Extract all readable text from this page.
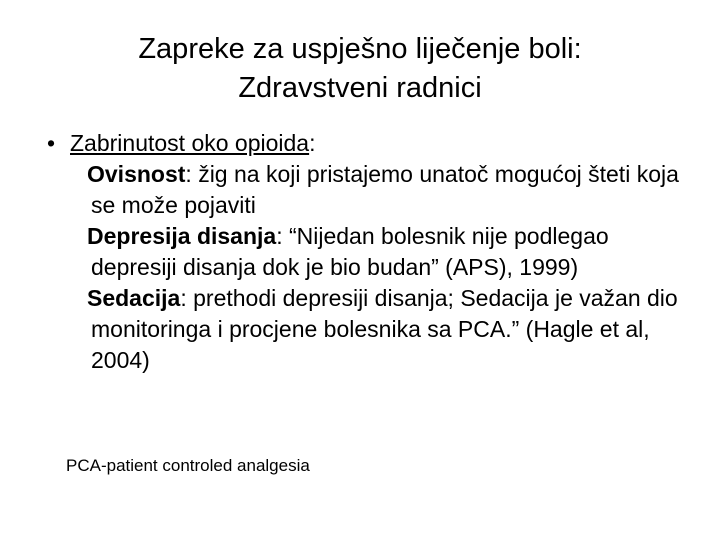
Zapreke za uspješno liječenje boli:
Zdravstveni radnici
• Zabrinutost oko opioida:
Ovisnost: žig na koji pristajemo unatoč mogućoj šteti koja se može pojaviti
Depresija disanja: “Nijedan bolesnik nije podlegao depresiji disanja dok je bio budan” (APS), 1999)
Sedacija: prethodi depresiji disanja; Sedacija je važan dio monitoringa i procjene bolesnika sa PCA.” (Hagle et al, 2004)
PCA-patient controled analgesia
